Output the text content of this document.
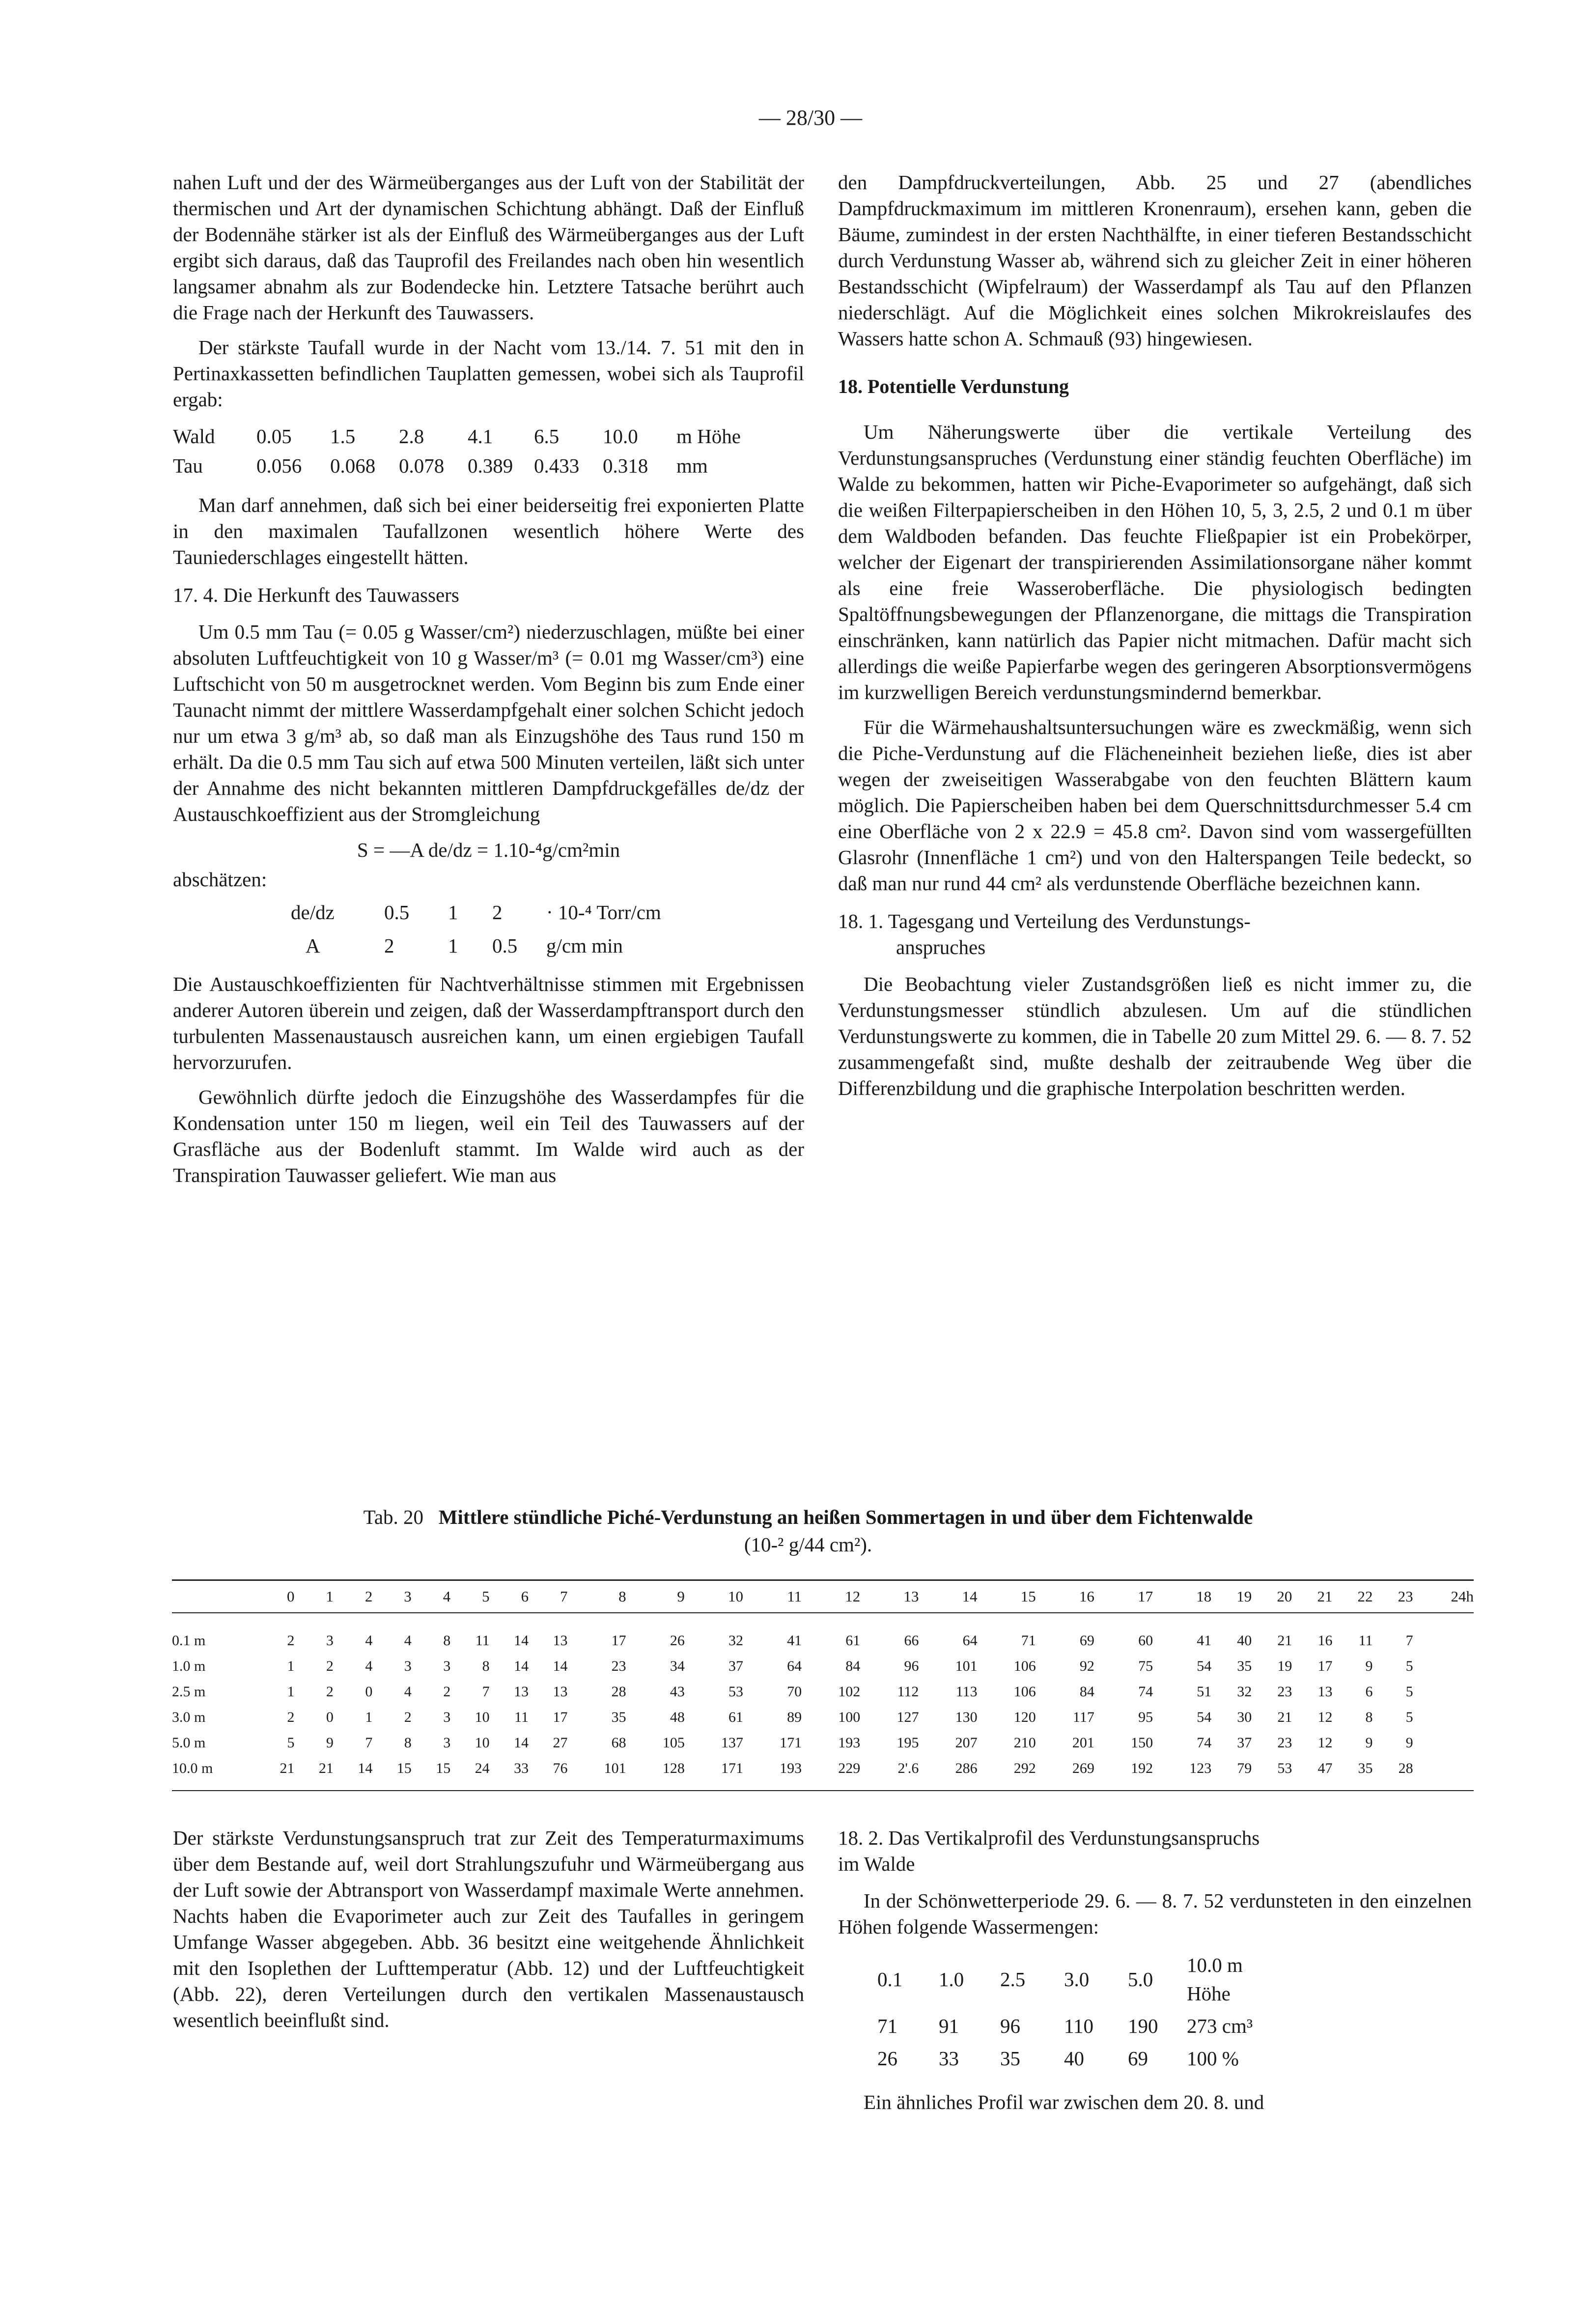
— 28/30 —

nahen Luft und der des Wärmeüberganges aus der Luft von der Stabilität der thermischen und Art der dynamischen Schichtung abhängt. Daß der Einfluß der Bodennähe stärker ist als der Einfluß des Wärmeüberganges aus der Luft ergibt sich daraus, daß das Tauprofil des Freilandes nach oben hin wesentlich langsamer abnahm als zur Bodendecke hin. Letztere Tatsache berührt auch die Frage nach der Herkunft des Tauwassers.

Der stärkste Taufall wurde in der Nacht vom 13./14. 7. 51 mit den in Pertinaxkassetten befindlichen Tauplatten gemessen, wobei sich als Tauprofil ergab:

Wald	0.05	1.5	2.8	4.1	6.5	10.0	m Höhe
Tau	0.056	0.068	0.078	0.389	0.433	0.318	mm

Man darf annehmen, daß sich bei einer beiderseitig frei exponierten Platte in den maximalen Taufallzonen wesentlich höhere Werte des Tauniederschlages eingestellt hätten.

17. 4. Die Herkunft des Tauwassers

Um 0.5 mm Tau (= 0.05 g Wasser/cm²) niederzuschlagen, müßte bei einer absoluten Luftfeuchtigkeit von 10 g Wasser/m³ (= 0.01 mg Wasser/cm³) eine Luftschicht von 50 m ausgetrocknet werden. Vom Beginn bis zum Ende einer Taunacht nimmt der mittlere Wasserdampfgehalt einer solchen Schicht jedoch nur um etwa 3 g/m³ ab, so daß man als Einzugshöhe des Taus rund 150 m erhält. Da die 0.5 mm Tau sich auf etwa 500 Minuten verteilen, läßt sich unter der Annahme des nicht bekannten mittleren Dampfdruckgefälles de/dz der Austauschkoeffizient aus der Stromgleichung

S = —A de/dz = 1.10-⁴g/cm²min
abschätzen:
de/dz	0.5	1	2	· 10-⁴ Torr/cm
A	2	1	0.5	g/cm min

Die Austauschkoeffizienten für Nachtverhältnisse stimmen mit Ergebnissen anderer Autoren überein und zeigen, daß der Wasserdampftransport durch den turbulenten Massenaustausch ausreichen kann, um einen ergiebigen Taufall hervorzurufen.

Gewöhnlich dürfte jedoch die Einzugshöhe des Wasserdampfes für die Kondensation unter 150 m liegen, weil ein Teil des Tauwassers auf der Grasfläche aus der Bodenluft stammt. Im Walde wird auch as der Transpiration Tauwasser geliefert. Wie man aus

den Dampfdruckverteilungen, Abb. 25 und 27 (abendliches Dampfdruckmaximum im mittleren Kronenraum), ersehen kann, geben die Bäume, zumindest in der ersten Nachthälfte, in einer tieferen Bestandsschicht durch Verdunstung Wasser ab, während sich zu gleicher Zeit in einer höheren Bestandsschicht (Wipfelraum) der Wasserdampf als Tau auf den Pflanzen niederschlägt. Auf die Möglichkeit eines solchen Mikrokreislaufes des Wassers hatte schon A. Schmauß (93) hingewiesen.

18. Potentielle Verdunstung

Um Näherungswerte über die vertikale Verteilung des Verdunstungsanspruches (Verdunstung einer ständig feuchten Oberfläche) im Walde zu bekommen, hatten wir Piche-Evaporimeter so aufgehängt, daß sich die weißen Filterpapierscheiben in den Höhen 10, 5, 3, 2.5, 2 und 0.1 m über dem Waldboden befanden. Das feuchte Fließpapier ist ein Probekörper, welcher der Eigenart der transpirierenden Assimilationsorgane näher kommt als eine freie Wasseroberfläche. Die physiologisch bedingten Spaltöffnungsbewegungen der Pflanzenorgane, die mittags die Transpiration einschränken, kann natürlich das Papier nicht mitmachen. Dafür macht sich allerdings die weiße Papierfarbe wegen des geringeren Absorptionsvermögens im kurzwelligen Bereich verdunstungsmindernd bemerkbar.

Für die Wärmehaushaltsuntersuchungen wäre es zweckmäßig, wenn sich die Piche-Verdunstung auf die Flächeneinheit beziehen ließe, dies ist aber wegen der zweiseitigen Wasserabgabe von den feuchten Blättern kaum möglich. Die Papierscheiben haben bei dem Querschnittsdurchmesser 5.4 cm eine Oberfläche von 2 x 22.9 = 45.8 cm². Davon sind vom wassergefüllten Glasrohr (Innenfläche 1 cm²) und von den Halterspangen Teile bedeckt, so daß man nur rund 44 cm² als verdunstende Oberfläche bezeichnen kann.

18. 1. Tagesgang und Verteilung des Verdunstungs-
anspruches

Die Beobachtung vieler Zustandsgrößen ließ es nicht immer zu, die Verdunstungsmesser stündlich abzulesen. Um auf die stündlichen Verdunstungswerte zu kommen, die in Tabelle 20 zum Mittel 29. 6. — 8. 7. 52 zusammengefaßt sind, mußte deshalb der zeitraubende Weg über die Differenzbildung und die graphische Interpolation beschritten werden.

Tab. 20 Mittlere stündliche Piché-Verdunstung an heißen Sommertagen in und über dem Fichtenwalde
(10-² g/44 cm²).
	0	1	2	3	4	5	6	7	8	9	10	11	12	13	14	15	16	17	18	19	20	21	22	23	24h
0.1 m	2	3	4	4	8	11	14	13	17	26	32	41	61	66	64	71	69	60	41	40	21	16	11	7	
1.0 m	1	2	4	3	3	8	14	14	23	34	37	64	84	96	101	106	92	75	54	35	19	17	9	5	
2.5 m	1	2	0	4	2	7	13	13	28	43	53	70	102	112	113	106	84	74	51	32	23	13	6	5	
3.0 m	2	0	1	2	3	10	11	17	35	48	61	89	100	127	130	120	117	95	54	30	21	12	8	5	
5.0 m	5	9	7	8	3	10	14	27	68	105	137	171	193	195	207	210	201	150	74	37	23	12	9	9	
10.0 m	21	21	14	15	15	24	33	76	101	128	171	193	229	2'.6	286	292	269	192	123	79	53	47	35	28	

Der stärkste Verdunstungsanspruch trat zur Zeit des Temperaturmaximums über dem Bestande auf, weil dort Strahlungszufuhr und Wärmeübergang aus der Luft sowie der Abtransport von Wasserdampf maximale Werte annehmen. Nachts haben die Evaporimeter auch zur Zeit des Taufalles in geringem Umfange Wasser abgegeben. Abb. 36 besitzt eine weitgehende Ähnlichkeit mit den Isoplethen der Lufttemperatur (Abb. 12) und der Luftfeuchtigkeit (Abb. 22), deren Verteilungen durch den vertikalen Massenaustausch wesentlich beeinflußt sind.

18. 2. Das Vertikalprofil des Verdunstungsanspruchs
im Walde

In der Schönwetterperiode 29. 6. — 8. 7. 52 verdunsteten in den einzelnen Höhen folgende Wassermengen:

0.1	1.0	2.5	3.0	5.0	10.0 m Höhe
71	91	96	110	190	273 cm³
26	33	35	40	69	100 %

Ein ähnliches Profil war zwischen dem 20. 8. und
